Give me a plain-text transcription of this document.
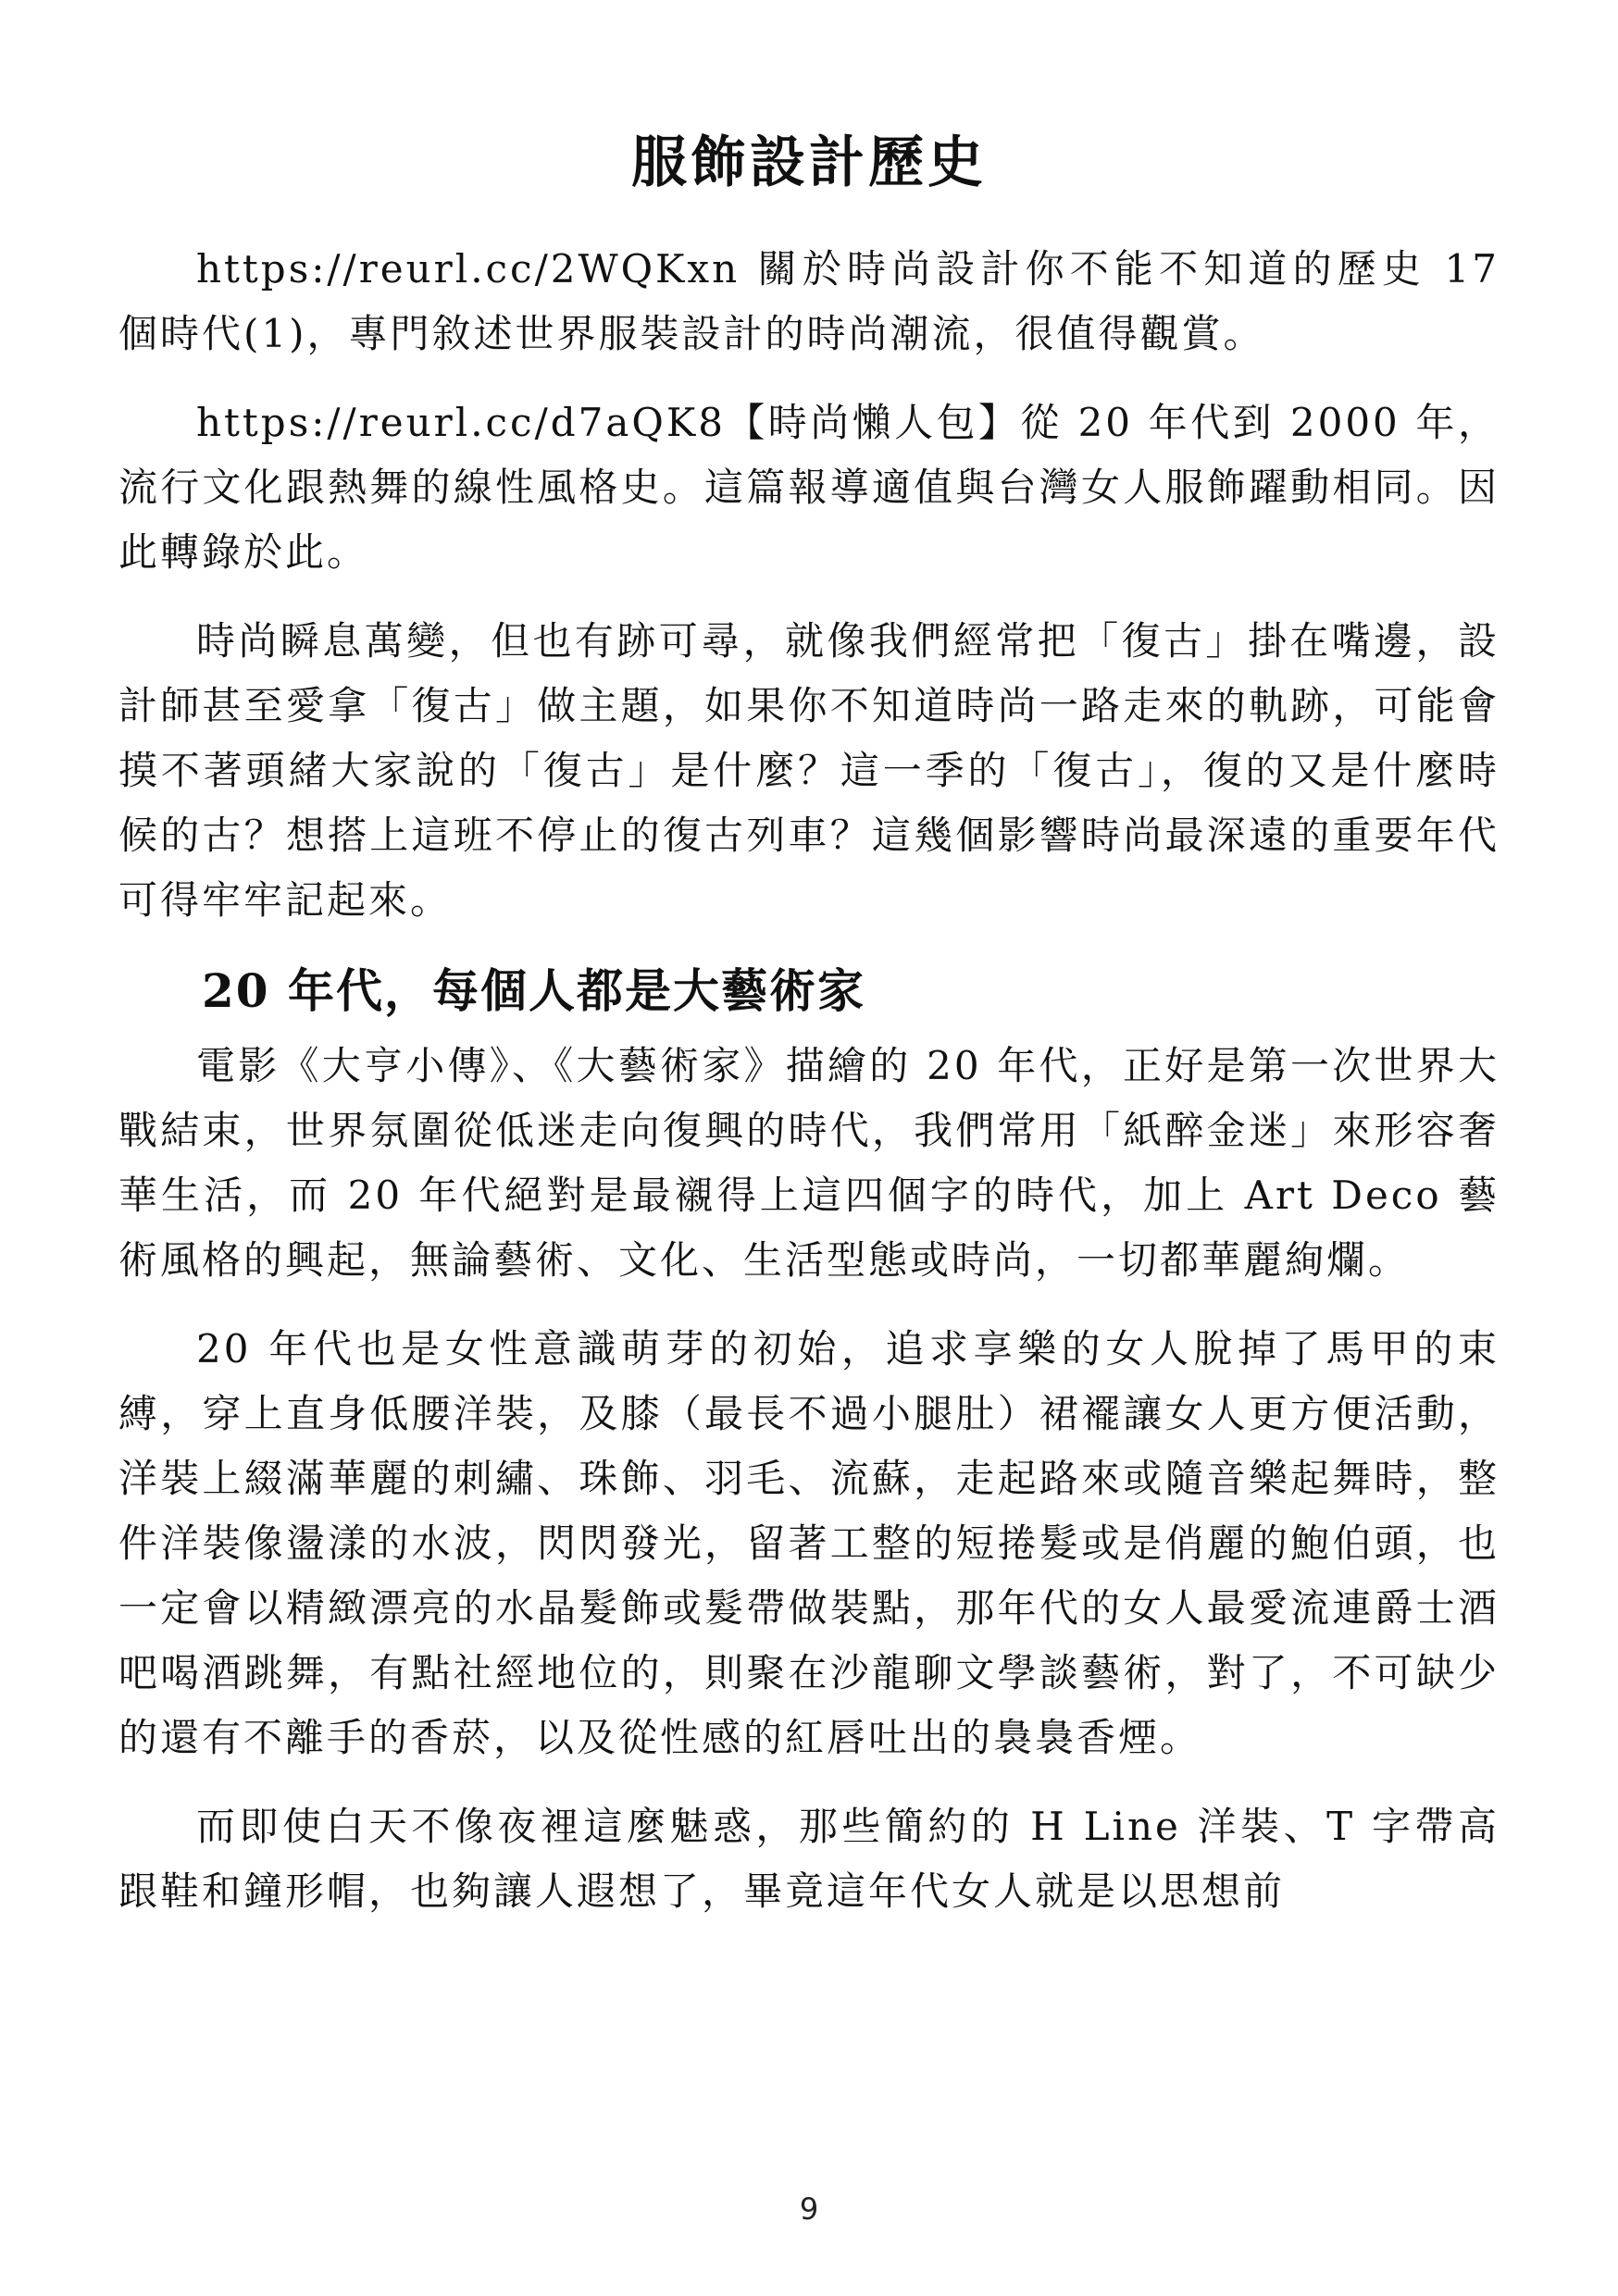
服飾設計歷史

https://reurl.cc/2WQKxn 關於時尚設計你不能不知道的歷史 17 個時代(1)，專門敘述世界服裝設計的時尚潮流，很值得觀賞。

https://reurl.cc/d7aQK8【時尚懶人包】從 20 年代到 2000 年，流行文化跟熱舞的線性風格史。這篇報導適值與台灣女人服飾躍動相同。因此轉錄於此。

時尚瞬息萬變，但也有跡可尋，就像我們經常把「復古」掛在嘴邊，設計師甚至愛拿「復古」做主題，如果你不知道時尚一路走來的軌跡，可能會摸不著頭緒大家說的「復古」是什麼？這一季的「復古」，復的又是什麼時候的古？想搭上這班不停止的復古列車？這幾個影響時尚最深遠的重要年代可得牢牢記起來。

20 年代，每個人都是大藝術家

電影《大亨小傳》、《大藝術家》描繪的 20 年代，正好是第一次世界大戰結束，世界氛圍從低迷走向復興的時代，我們常用「紙醉金迷」來形容奢華生活，而 20 年代絕對是最襯得上這四個字的時代，加上 Art Deco 藝術風格的興起，無論藝術、文化、生活型態或時尚，一切都華麗絢爛。

20 年代也是女性意識萌芽的初始，追求享樂的女人脫掉了馬甲的束縛，穿上直身低腰洋裝，及膝（最長不過小腿肚）裙襬讓女人更方便活動，洋裝上綴滿華麗的刺繡、珠飾、羽毛、流蘇，走起路來或隨音樂起舞時，整件洋裝像盪漾的水波，閃閃發光，留著工整的短捲髮或是俏麗的鮑伯頭，也一定會以精緻漂亮的水晶髮飾或髮帶做裝點，那年代的女人最愛流連爵士酒吧喝酒跳舞，有點社經地位的，則聚在沙龍聊文學談藝術，對了，不可缺少的還有不離手的香菸，以及從性感的紅唇吐出的裊裊香煙。

而即使白天不像夜裡這麼魅惑，那些簡約的 H Line 洋裝、T 字帶高跟鞋和鐘形帽，也夠讓人遐想了，畢竟這年代女人就是以思想前

9
